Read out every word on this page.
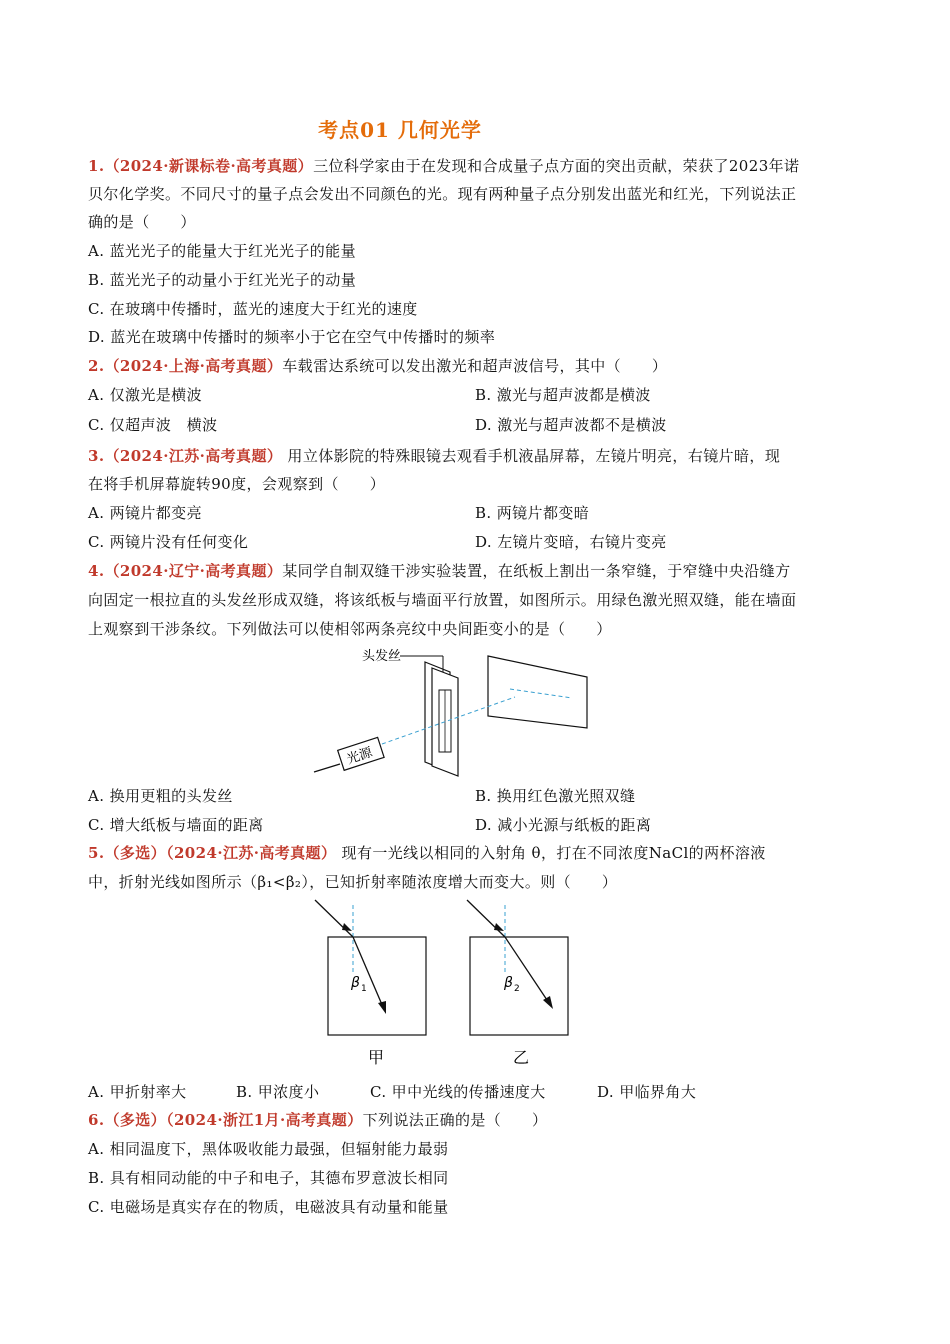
考点01 几何光学
1.（2024·新课标卷·高考真题）三位科学家由于在发现和合成量子点方面的突出贡献，荣获了2023年诺
贝尔化学奖。不同尺寸的量子点会发出不同颜色的光。现有两种量子点分别发出蓝光和红光，下列说法正
确的是（　　）
A. 蓝光光子的能量大于红光光子的能量
B. 蓝光光子的动量小于红光光子的动量
C. 在玻璃中传播时，蓝光的速度大于红光的速度
D. 蓝光在玻璃中传播时的频率小于它在空气中传播时的频率
2.（2024·上海·高考真题）车载雷达系统可以发出激光和超声波信号，其中（　　）
A. 仅激光是横波	B. 激光与超声波都是横波
C. 仅超声波　横波	D. 激光与超声波都不是横波
3.（2024·江苏·高考真题） 用立体影院的特殊眼镜去观看手机液晶屏幕，左镜片明亮，右镜片暗，现
在将手机屏幕旋转90度，会观察到（　　）
A. 两镜片都变亮	B. 两镜片都变暗
C. 两镜片没有任何变化	D. 左镜片变暗，右镜片变亮
4.（2024·辽宁·高考真题）某同学自制双缝干涉实验装置，在纸板上割出一条窄缝，于窄缝中央沿缝方
向固定一根拉直的头发丝形成双缝，将该纸板与墙面平行放置，如图所示。用绿色激光照双缝，能在墙面
上观察到干涉条纹。下列做法可以使相邻两条亮纹中央间距变小的是（　　）
头发丝
光源
A. 换用更粗的头发丝	B. 换用红色激光照双缝
C. 增大纸板与墙面的距离	D. 减小光源与纸板的距离
5.（多选）（2024·江苏·高考真题） 现有一光线以相同的入射角 θ，打在不同浓度NaCl的两杯溶液
中，折射光线如图所示（β₁<β₂），已知折射率随浓度增大而变大。则（　　）
β 1
甲
β 2
乙
A. 甲折射率大	B. 甲浓度小	C. 甲中光线的传播速度大	D. 甲临界角大
6.（多选）（2024·浙江1月·高考真题）下列说法正确的是（　　）
A. 相同温度下，黑体吸收能力最强，但辐射能力最弱
B. 具有相同动能的中子和电子，其德布罗意波长相同
C. 电磁场是真实存在的物质，电磁波具有动量和能量
